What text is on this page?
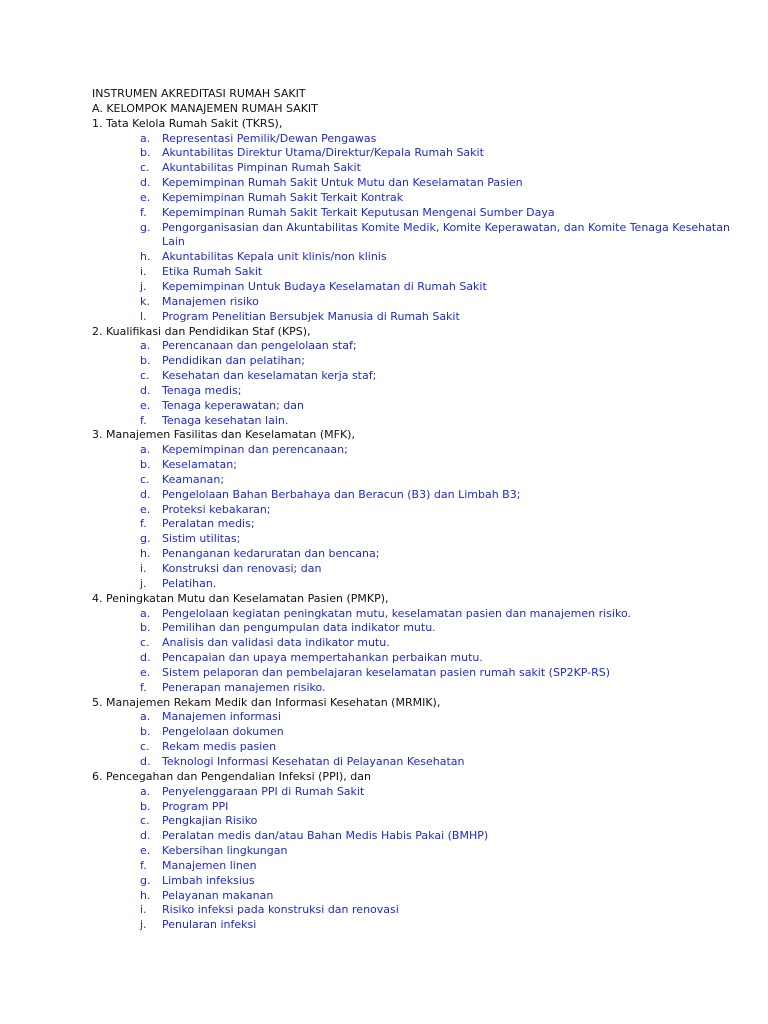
INSTRUMEN AKREDITASI RUMAH SAKIT
A. KELOMPOK MANAJEMEN RUMAH SAKIT
1. Tata Kelola Rumah Sakit (TKRS),
a. Representasi Pemilik/Dewan Pengawas
b. Akuntabilitas Direktur Utama/Direktur/Kepala Rumah Sakit
c. Akuntabilitas Pimpinan Rumah Sakit
d. Kepemimpinan Rumah Sakit Untuk Mutu dan Keselamatan Pasien
e. Kepemimpinan Rumah Sakit Terkait Kontrak
f. Kepemimpinan Rumah Sakit Terkait Keputusan Mengenai Sumber Daya
g. Pengorganisasian dan Akuntabilitas Komite Medik, Komite Keperawatan, dan Komite Tenaga Kesehatan Lain
h. Akuntabilitas Kepala unit klinis/non klinis
i. Etika Rumah Sakit
j. Kepemimpinan Untuk Budaya Keselamatan di Rumah Sakit
k. Manajemen risiko
l. Program Penelitian Bersubjek Manusia di Rumah Sakit
2. Kualifikasi dan Pendidikan Staf (KPS),
a. Perencanaan dan pengelolaan staf;
b. Pendidikan dan pelatihan;
c. Kesehatan dan keselamatan kerja staf;
d. Tenaga medis;
e. Tenaga keperawatan; dan
f. Tenaga kesehatan lain.
3. Manajemen Fasilitas dan Keselamatan (MFK),
a. Kepemimpinan dan perencanaan;
b. Keselamatan;
c. Keamanan;
d. Pengelolaan Bahan Berbahaya dan Beracun (B3) dan Limbah B3;
e. Proteksi kebakaran;
f. Peralatan medis;
g. Sistim utilitas;
h. Penanganan kedaruratan dan bencana;
i. Konstruksi dan renovasi; dan
j. Pelatihan.
4. Peningkatan Mutu dan Keselamatan Pasien (PMKP),
a. Pengelolaan kegiatan peningkatan mutu, keselamatan pasien dan manajemen risiko.
b. Pemilihan dan pengumpulan data indikator mutu.
c. Analisis dan validasi data indikator mutu.
d. Pencapaian dan upaya mempertahankan perbaikan mutu.
e. Sistem pelaporan dan pembelajaran keselamatan pasien rumah sakit (SP2KP-RS)
f. Penerapan manajemen risiko.
5. Manajemen Rekam Medik dan Informasi Kesehatan (MRMIK),
a. Manajemen informasi
b. Pengelolaan dokumen
c. Rekam medis pasien
d. Teknologi Informasi Kesehatan di Pelayanan Kesehatan
6. Pencegahan dan Pengendalian Infeksi (PPI), dan
a. Penyelenggaraan PPI di Rumah Sakit
b. Program PPI
c. Pengkajian Risiko
d. Peralatan medis dan/atau Bahan Medis Habis Pakai (BMHP)
e. Kebersihan lingkungan
f. Manajemen linen
g. Limbah infeksius
h. Pelayanan makanan
i. Risiko infeksi pada konstruksi dan renovasi
j. Penularan infeksi
